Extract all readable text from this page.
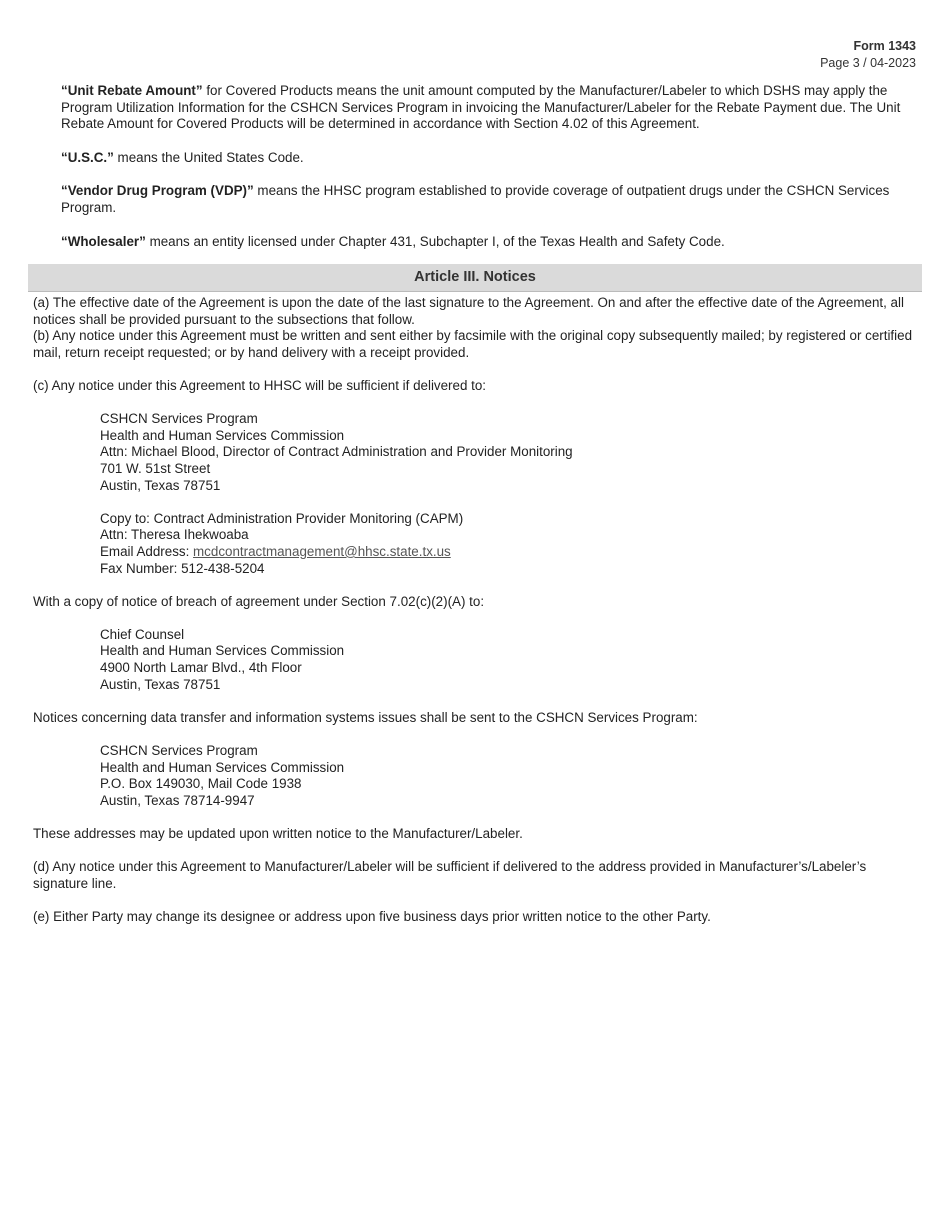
Form 1343
Page 3 / 04-2023

“Unit Rebate Amount” for Covered Products means the unit amount computed by the Manufacturer/Labeler to which DSHS may apply the Program Utilization Information for the CSHCN Services Program in invoicing the Manufacturer/Labeler for the Rebate Payment due. The Unit Rebate Amount for Covered Products will be determined in accordance with Section 4.02 of this Agreement.

“U.S.C.” means the United States Code.

“Vendor Drug Program (VDP)” means the HHSC program established to provide coverage of outpatient drugs under the CSHCN Services Program.

“Wholesaler” means an entity licensed under Chapter 431, Subchapter I, of the Texas Health and Safety Code.

Article III. Notices

(a) The effective date of the Agreement is upon the date of the last signature to the Agreement. On and after the effective date of the Agreement, all notices shall be provided pursuant to the subsections that follow.

(b) Any notice under this Agreement must be written and sent either by facsimile with the original copy subsequently mailed; by registered or certified mail, return receipt requested; or by hand delivery with a receipt provided.

(c) Any notice under this Agreement to HHSC will be sufficient if delivered to:

CSHCN Services Program

Health and Human Services Commission

Attn: Michael Blood, Director of Contract Administration and Provider Monitoring

701 W. 51st Street

Austin, Texas 78751

Copy to: Contract Administration Provider Monitoring (CAPM)

Attn: Theresa Ihekwoaba

Email Address: mcdcontractmanagement@hhsc.state.tx.us

Fax Number: 512-438-5204

With a copy of notice of breach of agreement under Section 7.02(c)(2)(A) to:

Chief Counsel

Health and Human Services Commission

4900 North Lamar Blvd., 4th Floor

Austin, Texas 78751

Notices concerning data transfer and information systems issues shall be sent to the CSHCN Services Program:

CSHCN Services Program

Health and Human Services Commission

P.O. Box 149030, Mail Code 1938

Austin, Texas 78714-9947

These addresses may be updated upon written notice to the Manufacturer/Labeler.

(d) Any notice under this Agreement to Manufacturer/Labeler will be sufficient if delivered to the address provided in Manufacturer’s/Labeler’s signature line.

(e) Either Party may change its designee or address upon five business days prior written notice to the other Party.
